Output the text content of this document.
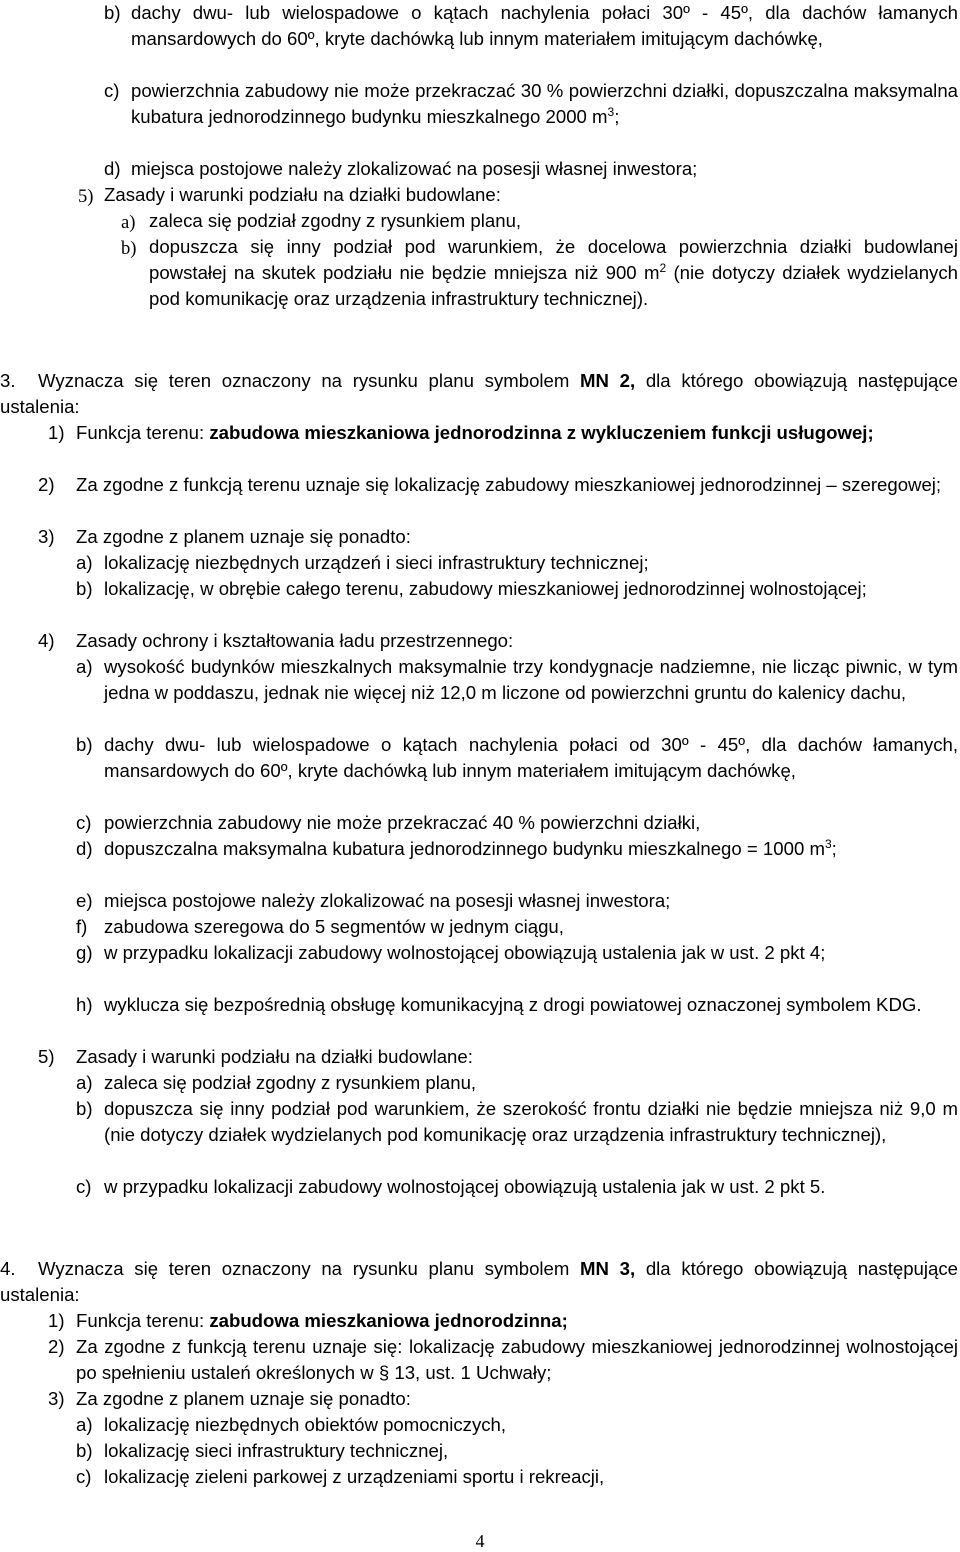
b) dachy dwu- lub wielospadowe o kątach nachylenia połaci 30º - 45º, dla dachów łamanych mansardowych do 60º, kryte dachówką lub innym materiałem imitującym dachówkę,

c) powierzchnia zabudowy nie może przekraczać 30 % powierzchni działki, dopuszczalna maksymalna kubatura jednorodzinnego budynku mieszkalnego 2000 $m^3$;

d) miejsca postojowe należy zlokalizować na posesji własnej inwestora;

5) Zasady i warunki podziału na działki budowlane:

a) zaleca się podział zgodny z rysunkiem planu,

b) dopuszcza się inny podział pod warunkiem, że docelowa powierzchnia działki budowlanej powstałej na skutek podziału nie będzie mniejsza niż 900 $m^2$ (nie dotyczy działek wydzielanych pod komunikację oraz urządzenia infrastruktury technicznej).

3.	Wyznacza się teren oznaczony na rysunku planu symbolem MN 2, dla którego obowiązują następujące ustalenia:

1) Funkcja terenu: zabudowa mieszkaniowa jednorodzinna z wykluczeniem funkcji usługowej;

2) Za zgodne z funkcją terenu uznaje się lokalizację zabudowy mieszkaniowej jednorodzinnej – szeregowej;

3) Za zgodne z planem uznaje się ponadto:

a) lokalizację niezbędnych urządzeń i sieci infrastruktury technicznej;

b) lokalizację, w obrębie całego terenu, zabudowy mieszkaniowej jednorodzinnej wolnostojącej;

4) Zasady ochrony i kształtowania ładu przestrzennego:

a) wysokość budynków mieszkalnych maksymalnie trzy kondygnacje nadziemne, nie licząc piwnic, w tym jedna w poddaszu, jednak nie więcej niż 12,0 m liczone od powierzchni gruntu do kalenicy dachu,

b) dachy dwu- lub wielospadowe o kątach nachylenia połaci od 30º - 45º, dla dachów łamanych, mansardowych do 60º, kryte dachówką lub innym materiałem imitującym dachówkę,

c) powierzchnia zabudowy nie może przekraczać 40 % powierzchni działki,

d) dopuszczalna maksymalna kubatura jednorodzinnego budynku mieszkalnego = 1000 $m^3$;

e) miejsca postojowe należy zlokalizować na posesji własnej inwestora;

f) zabudowa szeregowa do 5 segmentów w jednym ciągu,

g) w przypadku lokalizacji zabudowy wolnostojącej obowiązują ustalenia jak w ust. 2 pkt 4;

h) wyklucza się bezpośrednią obsługę komunikacyjną z drogi powiatowej oznaczonej symbolem KDG.

5) Zasady i warunki podziału na działki budowlane:

a) zaleca się podział zgodny z rysunkiem planu,

b) dopuszcza się inny podział pod warunkiem, że szerokość frontu działki nie będzie mniejsza niż 9,0 m (nie dotyczy działek wydzielanych pod komunikację oraz urządzenia infrastruktury technicznej),

c) w przypadku lokalizacji zabudowy wolnostojącej obowiązują ustalenia jak w ust. 2 pkt 5.

4.	Wyznacza się teren oznaczony na rysunku planu symbolem MN 3, dla którego obowiązują następujące ustalenia:

1) Funkcja terenu: zabudowa mieszkaniowa jednorodzinna;

2) Za zgodne z funkcją terenu uznaje się: lokalizację zabudowy mieszkaniowej jednorodzinnej wolnostojącej po spełnieniu ustaleń określonych w § 13, ust. 1 Uchwały;

3) Za zgodne z planem uznaje się ponadto:

a) lokalizację niezbędnych obiektów pomocniczych,

b) lokalizację sieci infrastruktury technicznej,

c) lokalizację zieleni parkowej z urządzeniami sportu i rekreacji,

4
